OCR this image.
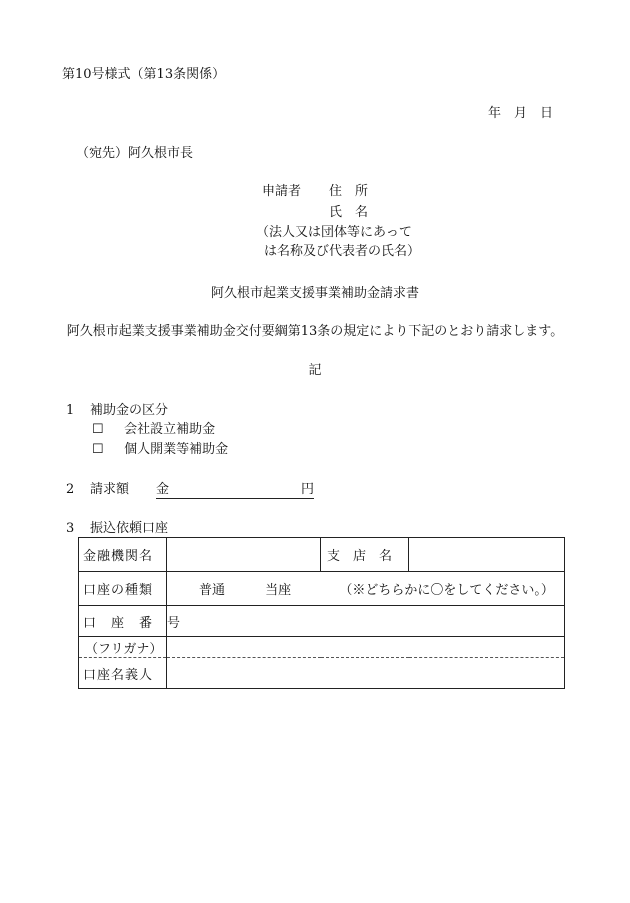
第10号様式（第13条関係）
年　月　日
（宛先）阿久根市長
申請者 住　所
氏　名
（法人又は団体等にあって
は名称及び代表者の氏名）
阿久根市起業支援事業補助金請求書
阿久根市起業支援事業補助金交付要綱第13条の規定により下記のとおり請求します。
記
1 補助金の区分
☐ 会社設立補助金
☐ 個人開業等補助金
2 請求額 金	円
3 振込依頼口座
金融機関名		支　店　名	
口座の種類	普通 当座 （※どちらかに〇をしてください。）		
口　座　番　号			
（フリガナ）			
口座名義人			
